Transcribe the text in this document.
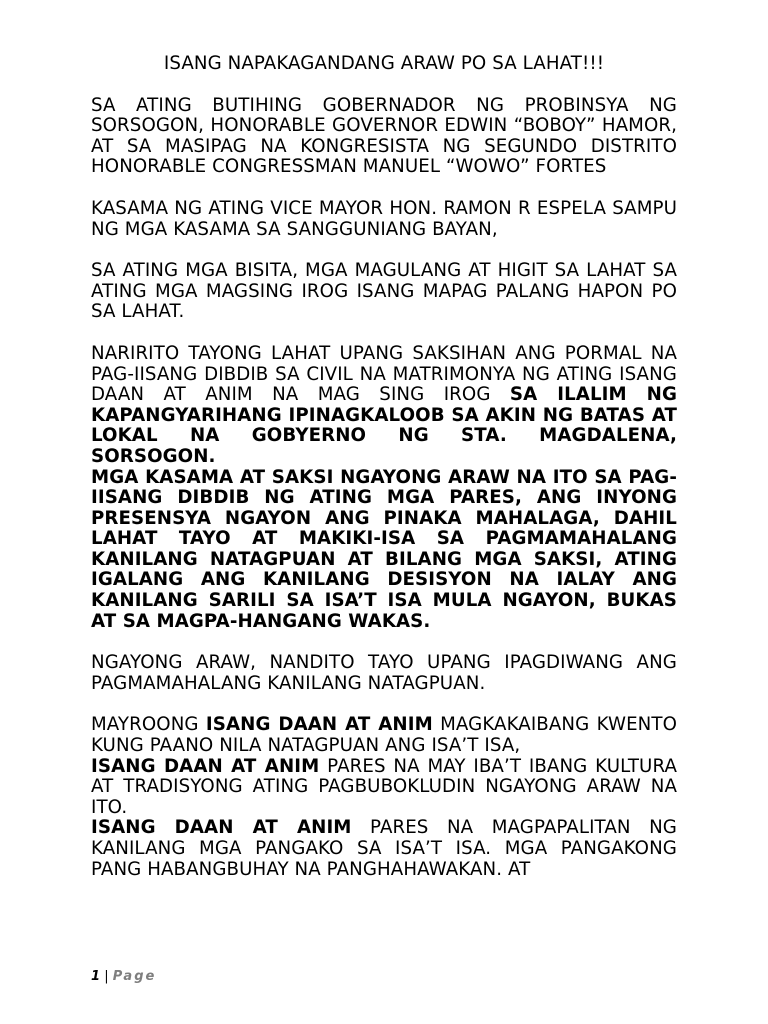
ISANG NAPAKAGANDANG ARAW PO SA LAHAT!!!
SA ATING BUTIHING GOBERNADOR NG PROBINSYA NG SORSOGON, HONORABLE GOVERNOR EDWIN “BOBOY” HAMOR, AT SA MASIPAG NA KONGRESISTA NG SEGUNDO DISTRITO HONORABLE CONGRESSMAN MANUEL “WOWO” FORTES
KASAMA NG ATING VICE MAYOR HON. RAMON R ESPELA SAMPU NG MGA KASAMA SA SANGGUNIANG BAYAN,
SA ATING MGA BISITA, MGA MAGULANG AT HIGIT SA LAHAT SA ATING MGA MAGSING IROG ISANG MAPAG PALANG HAPON PO SA LAHAT.
NARIRITO TAYONG LAHAT UPANG SAKSIHAN ANG PORMAL NA PAG-IISANG DIBDIB SA CIVIL NA MATRIMONYA NG ATING ISANG DAAN AT ANIM NA MAG SING IROG SA ILALIM NG KAPANGYARIHANG IPINAGKALOOB SA AKIN NG BATAS AT LOKAL NA GOBYERNO NG STA. MAGDALENA, SORSOGON.
MGA KASAMA AT SAKSI NGAYONG ARAW NA ITO SA PAG-IISANG DIBDIB NG ATING MGA PARES, ANG INYONG PRESENSYA NGAYON ANG PINAKA MAHALAGA, DAHIL LAHAT TAYO AT MAKIKI-ISA SA PAGMAMAHALANG KANILANG NATAGPUAN AT BILANG MGA SAKSI, ATING IGALANG ANG KANILANG DESISYON NA IALAY ANG KANILANG SARILI SA ISA’T ISA MULA NGAYON, BUKAS AT SA MAGPA-HANGANG WAKAS.
NGAYONG ARAW, NANDITO TAYO UPANG IPAGDIWANG ANG PAGMAMAHALANG KANILANG NATAGPUAN.
MAYROONG ISANG DAAN AT ANIM MAGKAKAIBANG KWENTO KUNG PAANO NILA NATAGPUAN ANG ISA’T ISA,
ISANG DAAN AT ANIM PARES NA MAY IBA’T IBANG KULTURA AT TRADISYONG ATING PAGBUBOKLUDIN NGAYONG ARAW NA ITO.
ISANG DAAN AT ANIM PARES NA MAGPAPALITAN NG KANILANG MGA PANGAKO SA ISA’T ISA. MGA PANGAKONG PANG HABANGBUHAY NA PANGHAHAWAKAN. AT
1 | Page
